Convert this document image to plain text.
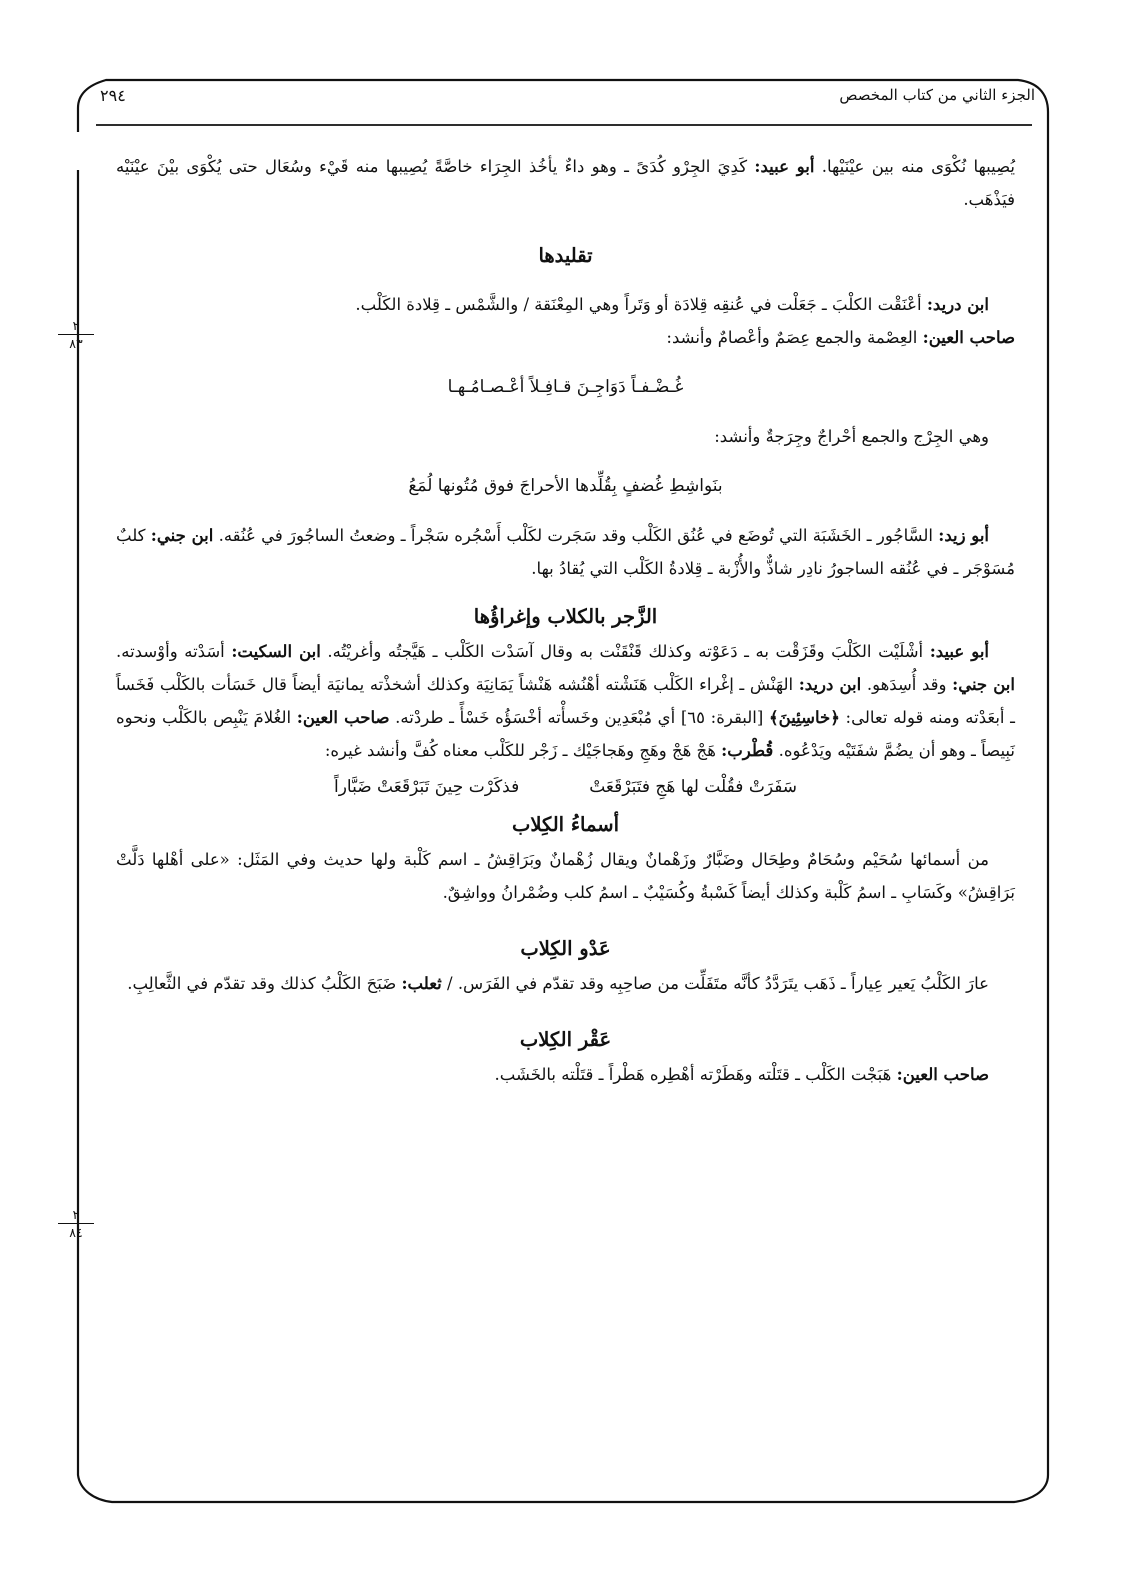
الجزء الثاني من كتاب المخصص
٢٩٤
٢
٨٣
٢
٨٤

يُصِيبها نُكْوَى منه بين عيْنَيْها. أبو عبيد: كَدِيَ الجِرْو كُدَىً ـ وهو داءٌ يأخُذ الجِرَاء خاصَّةً يُصِيبها منه قَيْء وسُعَال حتى يُكْوَى بيْنَ عيْنَيْه فيَذْهَب.

تقليدها

ابن دريد: أعْنَقْت الكلْبَ ـ جَعَلْت في عُنقِه قِلادَة أو وَتَراً وهي المِعْنَقة / والشَّمْس ـ قِلادة الكَلْب.

صاحب العين: العِصْمة والجمع عِصَمٌ وأعْصامٌ وأنشد:

غُـضْـفـاً دَوَاجِـنَ قـافِـلاً أعْـصـامُـهـا

وهي الجِرْج والجمع أحْراجٌ وجِرَجةٌ وأنشد:

بنَواشِطِ غُضفٍ بِقُلِّدها الأحراجَ فوق مُتُونها لُمَعُ

أبو زيد: السَّاجُور ـ الخَشَبَة التي تُوضَع في عُنُق الكَلْب وقد سَجَرت لكَلْب أَسْجُره سَجْراً ـ وضعتُ الساجُورَ في عُنُقه. ابن جني: كلبٌ مُسَوْجَر ـ في عُنُقه الساجورُ نادِر شاذٌّ والأُزْبة ـ قِلادةُ الكَلْب التي يُقادُ بها.

الزَّجر بالكلاب وإغراؤُها

أبو عبيد: أشْلَيْت الكَلْبَ وقَزَقْت به ـ دَعَوْته وكذلك قَنْقَنْت به وقال آسَدْت الكَلْب ـ هَيَّجتُه وأغريْتُه. ابن السكيت: أسَدْته وأوْسدته. ابن جني: وقد أُسِدَهو. ابن دريد: الهَنْش ـ إغْراء الكَلْب هَنَشْته أهْنُشه هَنْشاً يَمَانِيَة وكذلك أشخذْته يمانيَة أيضاً قال خَسَأت بالكَلْب فَخَساً ـ أبعَدْته ومنه قوله تعالى: ﴿خاسِئِينَ﴾ [البقرة: ٦٥] أي مُبْعَدِين وخَسأْته أخْسَؤُه خَسْأً ـ طردْته. صاحب العين: الغُلامَ يَنْبِص بالكَلْب ونحوه نَبِيصاً ـ وهو أن يضُمَّ شفَتَيْه ويَدْعُوه. قُطْرب: هَجْ هَجْ وهَجِ وهَجاجَيْك ـ زَجْر للكَلْب معناه كُفَّ وأنشد غيره:

سَفَرَتْ فقُلْت لها هَجِ فتَبَرْقَعَتْ
فذكَرْت حِينَ تَبَرْقَعَتْ ضَبَّاراً

أسماءُ الكِلاب

من أسمائها سُحَيْم وسُحَامٌ وطِحَال وضَبَّارٌ وزَهْمانٌ ويقال زُهْمانٌ وبَرَاقِشُ ـ اسم كَلْبة ولها حديث وفي المَثَل: «على أهْلها دَلَّتْ بَرَاقِشُ» وكَسَابِ ـ اسمُ كَلْبة وكذلك أيضاً كَسْبةُ وكُسَيْبٌ ـ اسمُ كلب وضُمْرانُ وواشِقٌ.

عَدْو الكِلاب

عارَ الكَلْبُ يَعير عِياراً ـ ذَهَب يتَرَدَّدُ كأنَّه متَفَلِّت من صاحِبِه وقد تقدّم في الفَرَس. / ثعلب: ضَبَحَ الكَلْبُ كذلك وقد تقدّم في الثَّعالِبِ.

عَقْر الكِلاب

صاحب العين: هَبَجْت الكَلْب ـ قتَلْته وهَطَرْته أهْطِره هَطْراً ـ قتَلْته بالخَشَب.
